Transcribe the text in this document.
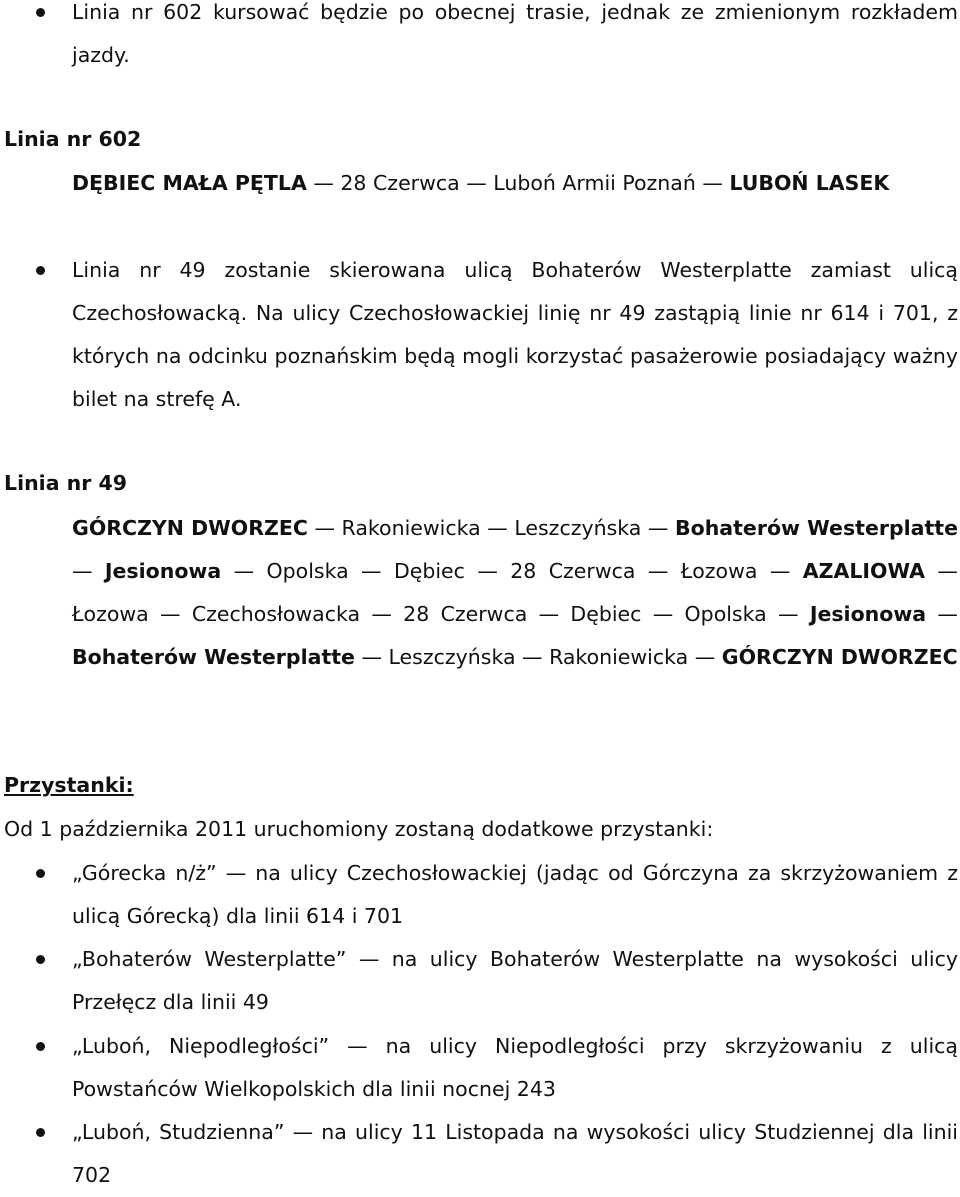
Linia nr 602 kursować będzie po obecnej trasie, jednak ze zmienionym rozkładem jazdy.
Linia nr 602
DĘBIEC MAŁA PĘTLA — 28 Czerwca — Luboń Armii Poznań — LUBOŃ LASEK
Linia nr 49 zostanie skierowana ulicą Bohaterów Westerplatte zamiast ulicą Czechosłowacką. Na ulicy Czechosłowackiej linię nr 49 zastąpią linie nr 614 i 701, z których na odcinku poznańskim będą mogli korzystać pasażerowie posiadający ważny bilet na strefę A.
Linia nr 49
GÓRCZYN DWORZEC — Rakoniewicka — Leszczyńska — Bohaterów Westerplatte — Jesionowa — Opolska — Dębiec — 28 Czerwca — Łozowa — AZALIOWA — Łozowa — Czechosłowacka — 28 Czerwca — Dębiec — Opolska — Jesionowa — Bohaterów Westerplatte — Leszczyńska — Rakoniewicka — GÓRCZYN DWORZEC
Przystanki:
Od 1 października 2011 uruchomiony zostaną dodatkowe przystanki:
„Górecka n/ż” — na ulicy Czechosłowackiej (jadąc od Górczyna za skrzyżowaniem z ulicą Górecką) dla linii 614 i 701
„Bohaterów Westerplatte” — na ulicy Bohaterów Westerplatte na wysokości ulicy Przełęcz dla linii 49
„Luboń, Niepodległości” — na ulicy Niepodległości przy skrzyżowaniu z ulicą Powstańców Wielkopolskich dla linii nocnej 243
„Luboń, Studzienna” — na ulicy 11 Listopada na wysokości ulicy Studziennej dla linii 702
